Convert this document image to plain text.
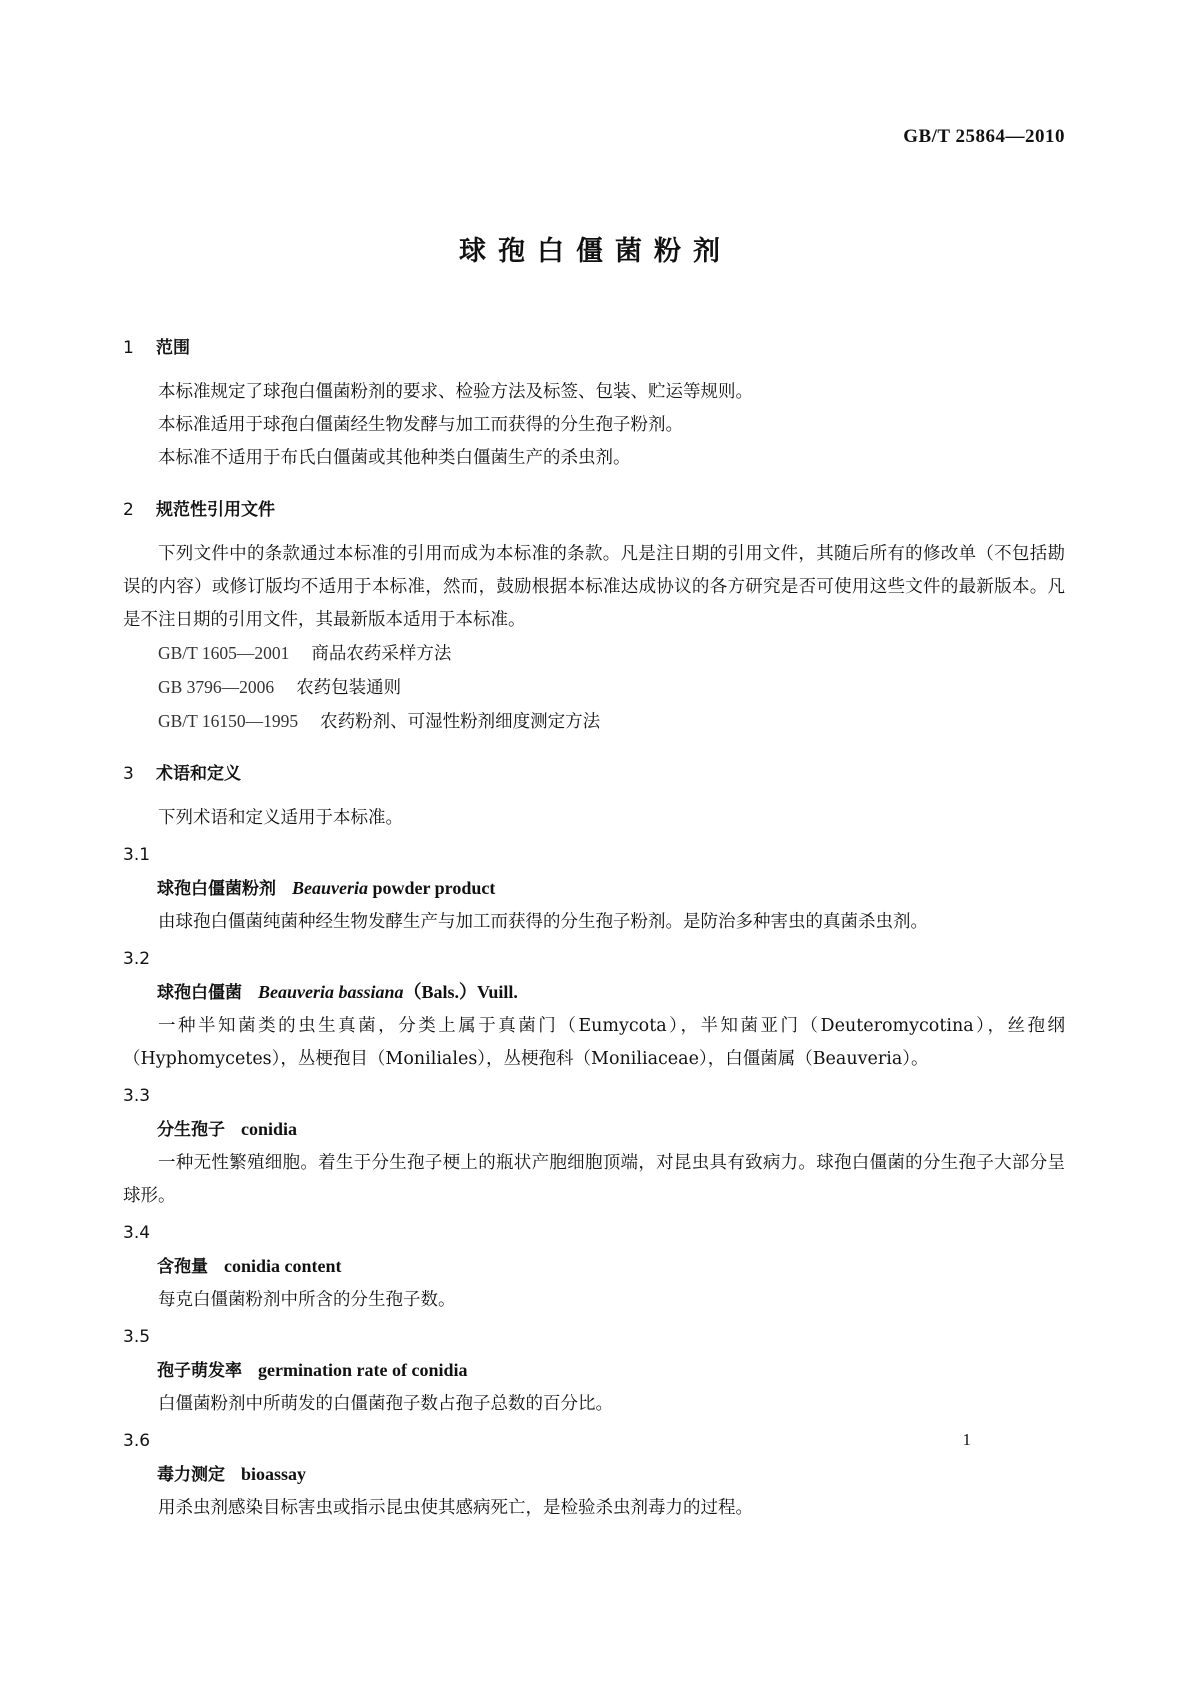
GB/T 25864—2010
球孢白僵菌粉剂
1 范围

本标准规定了球孢白僵菌粉剂的要求、检验方法及标签、包装、贮运等规则。

本标准适用于球孢白僵菌经生物发酵与加工而获得的分生孢子粉剂。

本标准不适用于布氏白僵菌或其他种类白僵菌生产的杀虫剂。

2 规范性引用文件

下列文件中的条款通过本标准的引用而成为本标准的条款。凡是注日期的引用文件，其随后所有的修改单（不包括勘误的内容）或修订版均不适用于本标准，然而，鼓励根据本标准达成协议的各方研究是否可使用这些文件的最新版本。凡是不注日期的引用文件，其最新版本适用于本标准。

GB/T 1605—2001 商品农药采样方法
GB 3796—2006 农药包装通则
GB/T 16150—1995 农药粉剂、可湿性粉剂细度测定方法
3 术语和定义

下列术语和定义适用于本标准。

3.1
球孢白僵菌粉剂 Beauveria powder product

由球孢白僵菌纯菌种经生物发酵生产与加工而获得的分生孢子粉剂。是防治多种害虫的真菌杀虫剂。

3.2
球孢白僵菌 Beauveria bassiana（Bals.）Vuill.

一种半知菌类的虫生真菌，分类上属于真菌门（Eumycota），半知菌亚门（Deuteromycotina），丝孢纲（Hyphomycetes），丛梗孢目（Moniliales），丛梗孢科（Moniliaceae），白僵菌属（Beauveria）。

3.3
分生孢子 conidia

一种无性繁殖细胞。着生于分生孢子梗上的瓶状产胞细胞顶端，对昆虫具有致病力。球孢白僵菌的分生孢子大部分呈球形。

3.4
含孢量 conidia content

每克白僵菌粉剂中所含的分生孢子数。

3.5
孢子萌发率 germination rate of conidia

白僵菌粉剂中所萌发的白僵菌孢子数占孢子总数的百分比。

3.6
毒力测定 bioassay

用杀虫剂感染目标害虫或指示昆虫使其感病死亡，是检验杀虫剂毒力的过程。

1
